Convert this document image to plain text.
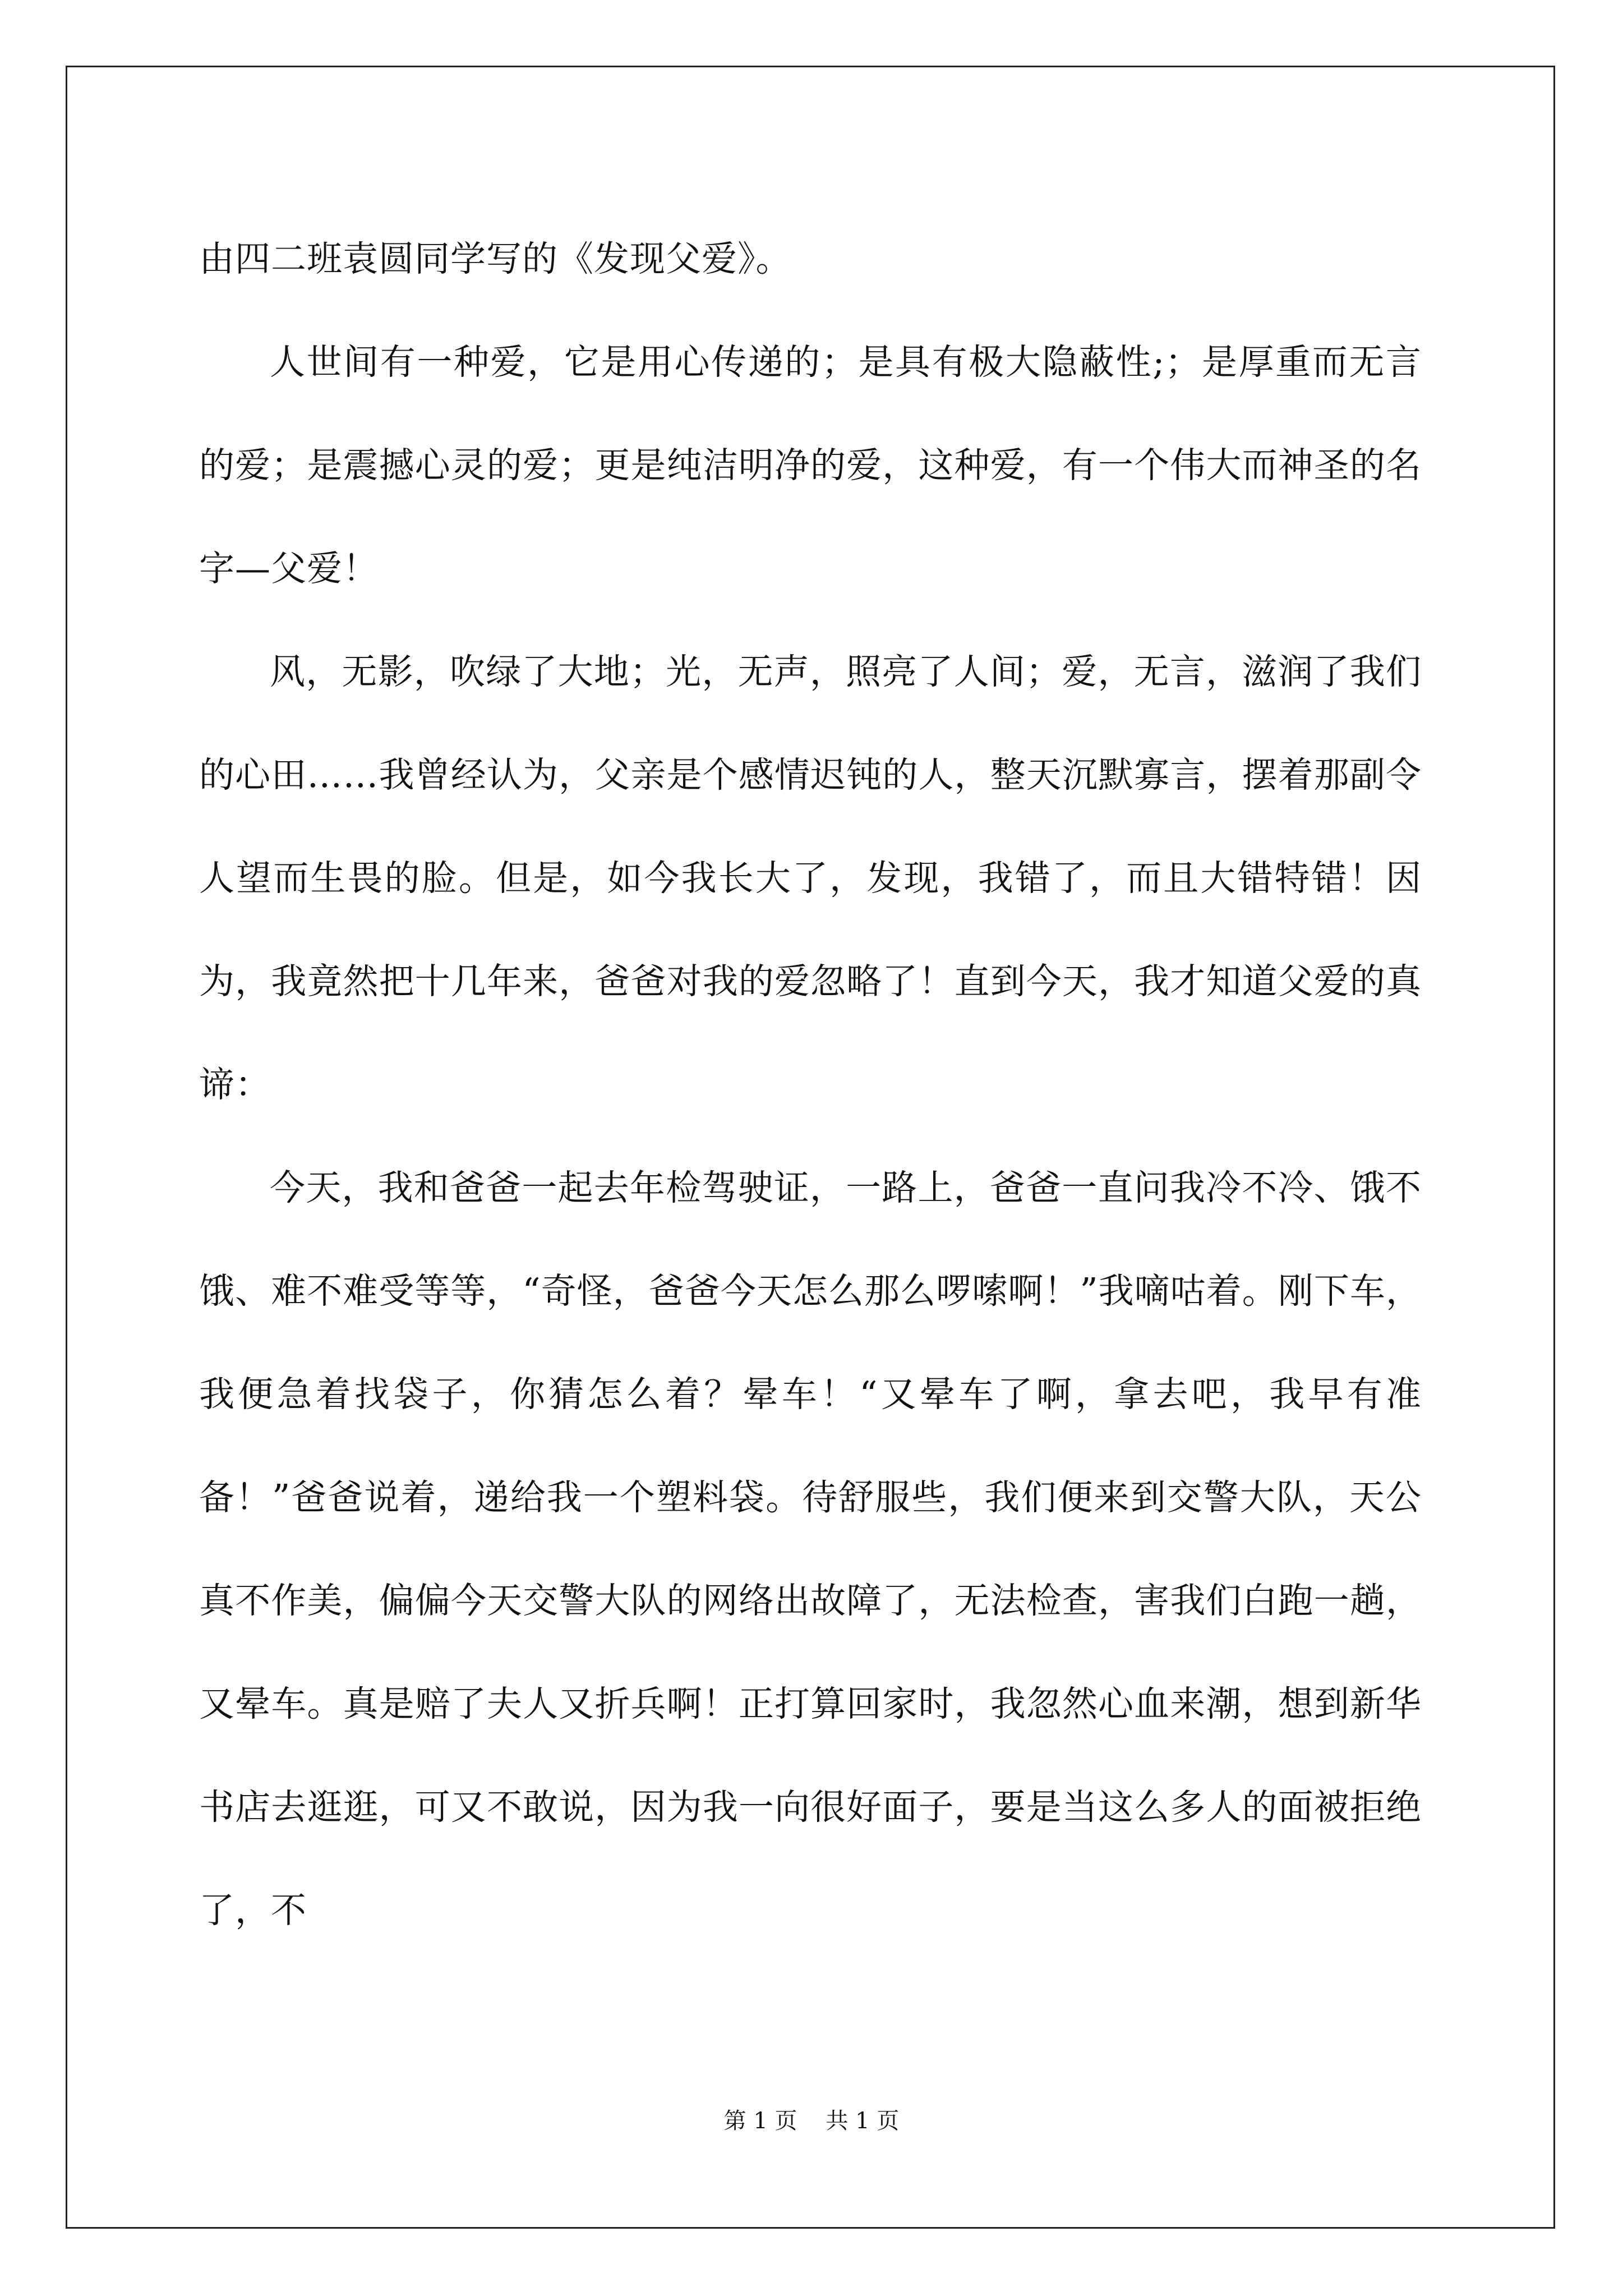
由四二班袁圆同学写的《发现父爱》。

人世间有一种爱，它是用心传递的；是具有极大隐蔽性;；是厚重而无言的爱；是震撼心灵的爱；更是纯洁明净的爱，这种爱，有一个伟大而神圣的名字—父爱！

风，无影，吹绿了大地；光，无声，照亮了人间；爱，无言，滋润了我们的心田……我曾经认为，父亲是个感情迟钝的人，整天沉默寡言，摆着那副令人望而生畏的脸。但是，如今我长大了，发现，我错了，而且大错特错！因为，我竟然把十几年来，爸爸对我的爱忽略了！直到今天，我才知道父爱的真谛：

今天，我和爸爸一起去年检驾驶证，一路上，爸爸一直问我冷不冷、饿不饿、难不难受等等，“奇怪，爸爸今天怎么那么啰嗦啊！”我嘀咕着。刚下车，我便急着找袋子，你猜怎么着？晕车！“又晕车了啊，拿去吧，我早有准备！”爸爸说着，递给我一个塑料袋。待舒服些，我们便来到交警大队，天公真不作美，偏偏今天交警大队的网络出故障了，无法检查，害我们白跑一趟，又晕车。真是赔了夫人又折兵啊！正打算回家时，我忽然心血来潮，想到新华书店去逛逛，可又不敢说，因为我一向很好面子，要是当这么多人的面被拒绝了，不

第 1 页 共 1 页
